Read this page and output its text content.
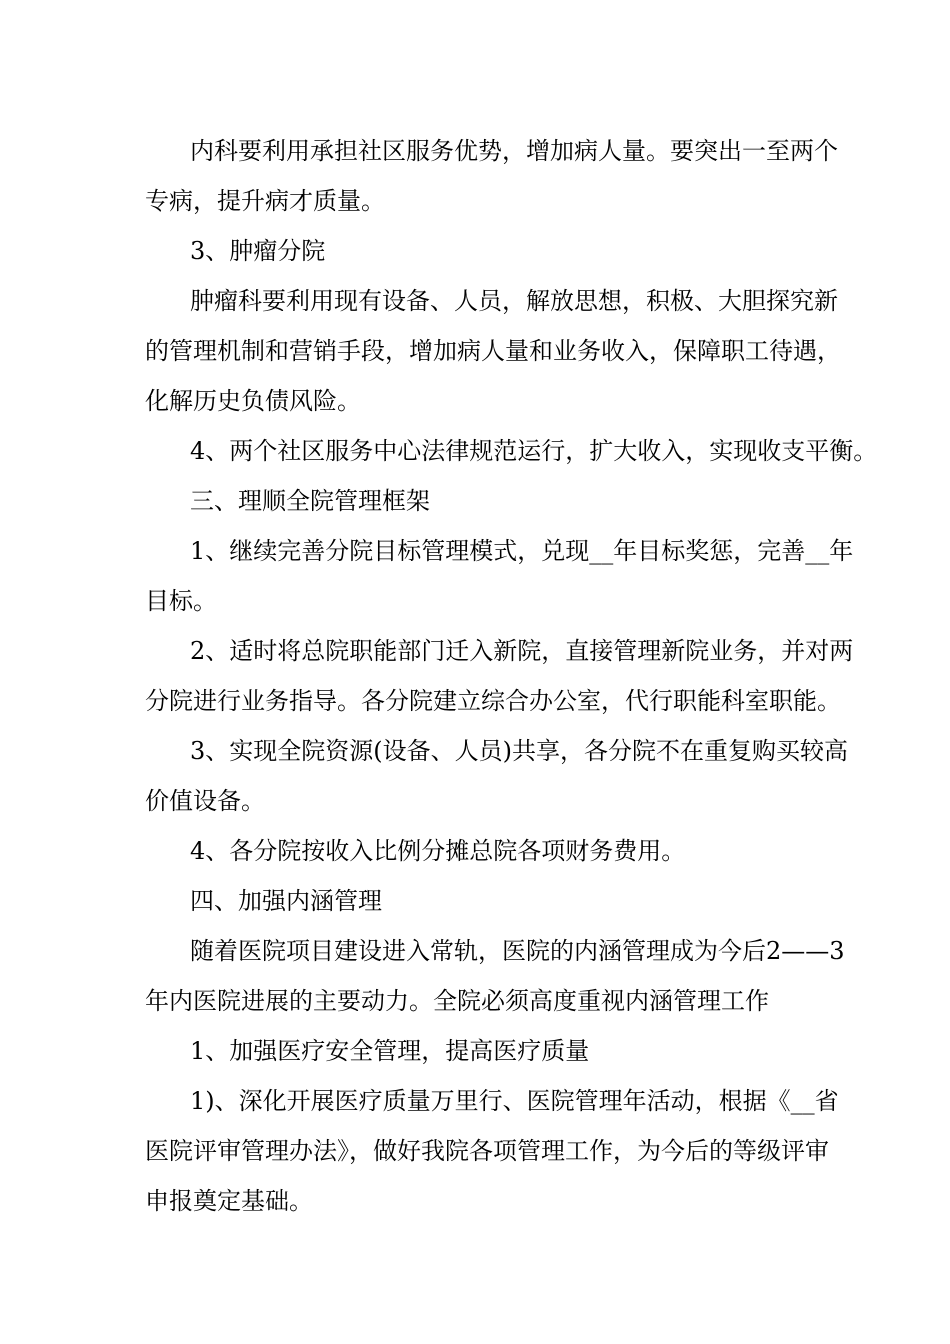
内科要利用承担社区服务优势，增加病人量。要突出一至两个
专病，提升病才质量。
3、肿瘤分院
肿瘤科要利用现有设备、人员，解放思想，积极、大胆探究新
的管理机制和营销手段，增加病人量和业务收入，保障职工待遇，
化解历史负债风险。
4、两个社区服务中心法律规范运行，扩大收入，实现收支平衡。
三、理顺全院管理框架
1、继续完善分院目标管理模式，兑现__年目标奖惩，完善__年
目标。
2、适时将总院职能部门迁入新院，直接管理新院业务，并对两
分院进行业务指导。各分院建立综合办公室，代行职能科室职能。
3、实现全院资源(设备、人员)共享，各分院不在重复购买较高
价值设备。
4、各分院按收入比例分摊总院各项财务费用。
四、加强内涵管理
随着医院项目建设进入常轨，医院的内涵管理成为今后2——3
年内医院进展的主要动力。全院必须高度重视内涵管理工作
1、加强医疗安全管理，提高医疗质量
1)、深化开展医疗质量万里行、医院管理年活动，根据《__省
医院评审管理办法》，做好我院各项管理工作，为今后的等级评审
申报奠定基础。
